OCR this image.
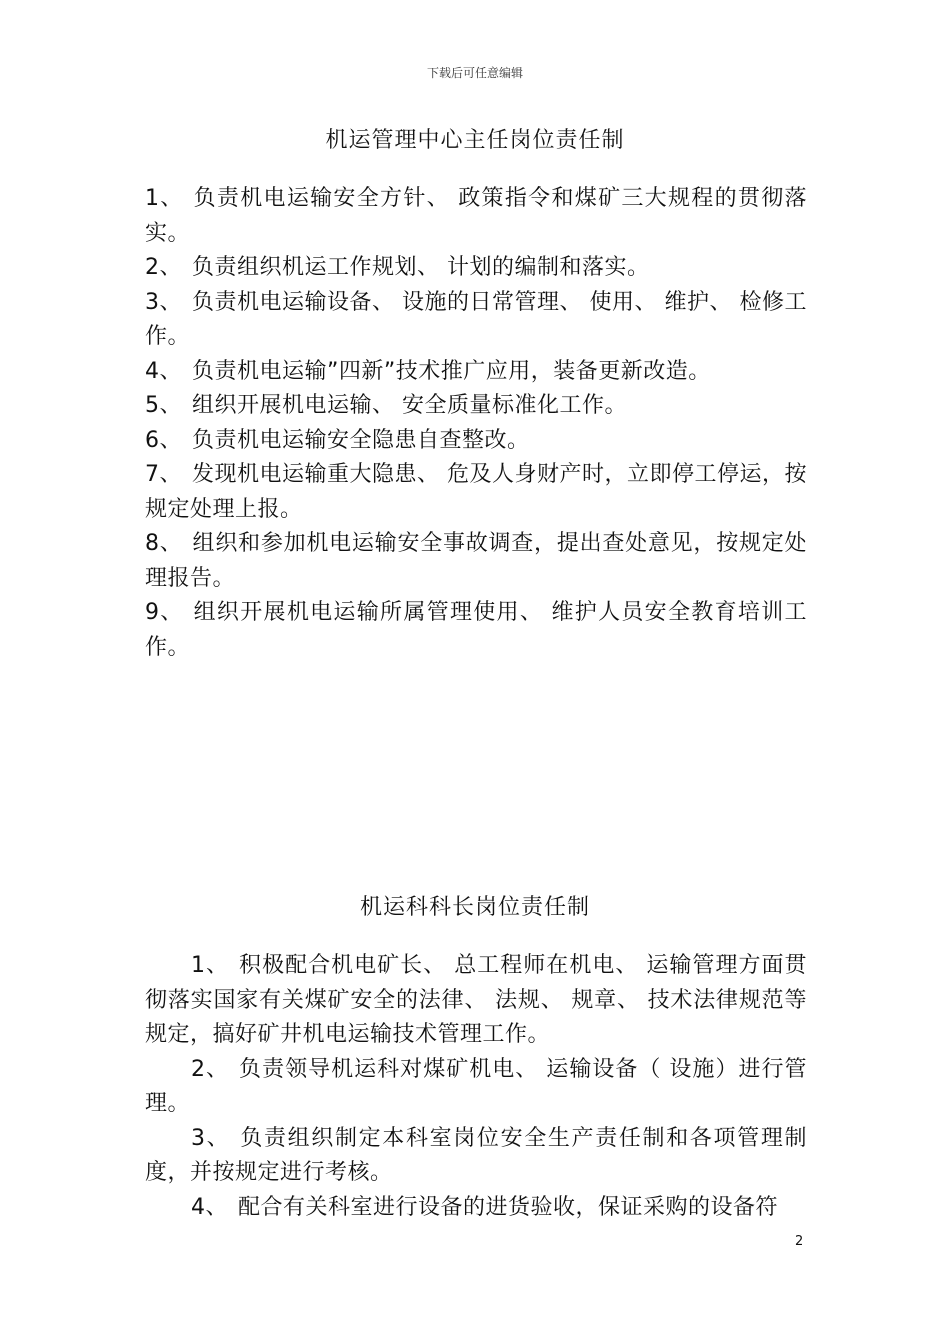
下载后可任意编辑
机运管理中心主任岗位责任制
1、 负责机电运输安全方针、 政策指令和煤矿三大规程的贯彻落实。
2、 负责组织机运工作规划、 计划的编制和落实。
3、 负责机电运输设备、 设施的日常管理、 使用、 维护、 检修工作。
4、 负责机电运输”四新”技术推广应用，装备更新改造。
5、 组织开展机电运输、 安全质量标准化工作。
6、 负责机电运输安全隐患自查整改。
7、 发现机电运输重大隐患、 危及人身财产时，立即停工停运，按规定处理上报。
8、 组织和参加机电运输安全事故调查，提出查处意见，按规定处理报告。
9、 组织开展机电运输所属管理使用、 维护人员安全教育培训工作。
机运科科长岗位责任制
1、 积极配合机电矿长、 总工程师在机电、 运输管理方面贯彻落实国家有关煤矿安全的法律、 法规、 规章、 技术法律规范等规定，搞好矿井机电运输技术管理工作。
2、 负责领导机运科对煤矿机电、 运输设备（ 设施）进行管理。
3、 负责组织制定本科室岗位安全生产责任制和各项管理制度，并按规定进行考核。
4、 配合有关科室进行设备的进货验收，保证采购的设备符
2
